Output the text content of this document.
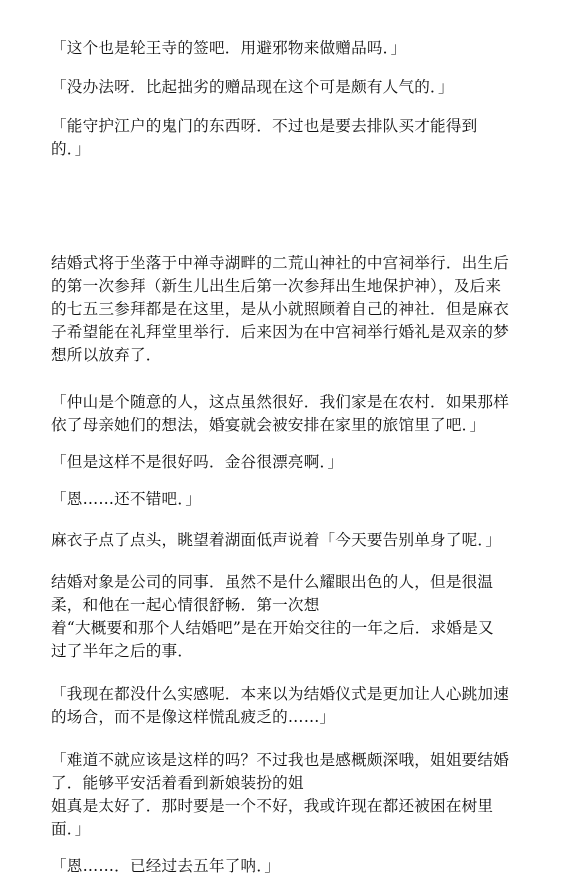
「这个也是轮王寺的签吧．用避邪物来做赠品吗．」

「没办法呀．比起拙劣的赠品现在这个可是颇有人气的．」

「能守护江户的鬼门的东西呀．不过也是要去排队买才能得到
的．」

结婚式将于坐落于中禅寺湖畔的二荒山神社的中宫祠举行．出生后
的第一次参拜（新生儿出生后第一次参拜出生地保护神），及后来
的七五三参拜都是在这里，是从小就照顾着自己的神社．但是麻衣
子希望能在礼拜堂里举行．后来因为在中宫祠举行婚礼是双亲的梦
想所以放弃了．

「仲山是个随意的人，这点虽然很好．我们家是在农村．如果那样
依了母亲她们的想法，婚宴就会被安排在家里的旅馆里了吧．」

「但是这样不是很好吗．金谷很漂亮啊．」

「恩……还不错吧．」

麻衣子点了点头，眺望着湖面低声说着「今天要告别单身了呢．」

结婚对象是公司的同事．虽然不是什么耀眼出色的人，但是很温
柔，和他在一起心情很舒畅．第一次想
着“大概要和那个人结婚吧”是在开始交往的一年之后．求婚是又
过了半年之后的事．

「我现在都没什么实感呢．本来以为结婚仪式是更加让人心跳加速
的场合，而不是像这样慌乱疲乏的……」

「难道不就应该是这样的吗？不过我也是感概颇深哦，姐姐要结婚
了．能够平安活着看到新娘装扮的姐
姐真是太好了．那时要是一个不好，我或许现在都还被困在树里
面．」

「恩……．已经过去五年了呐．」
